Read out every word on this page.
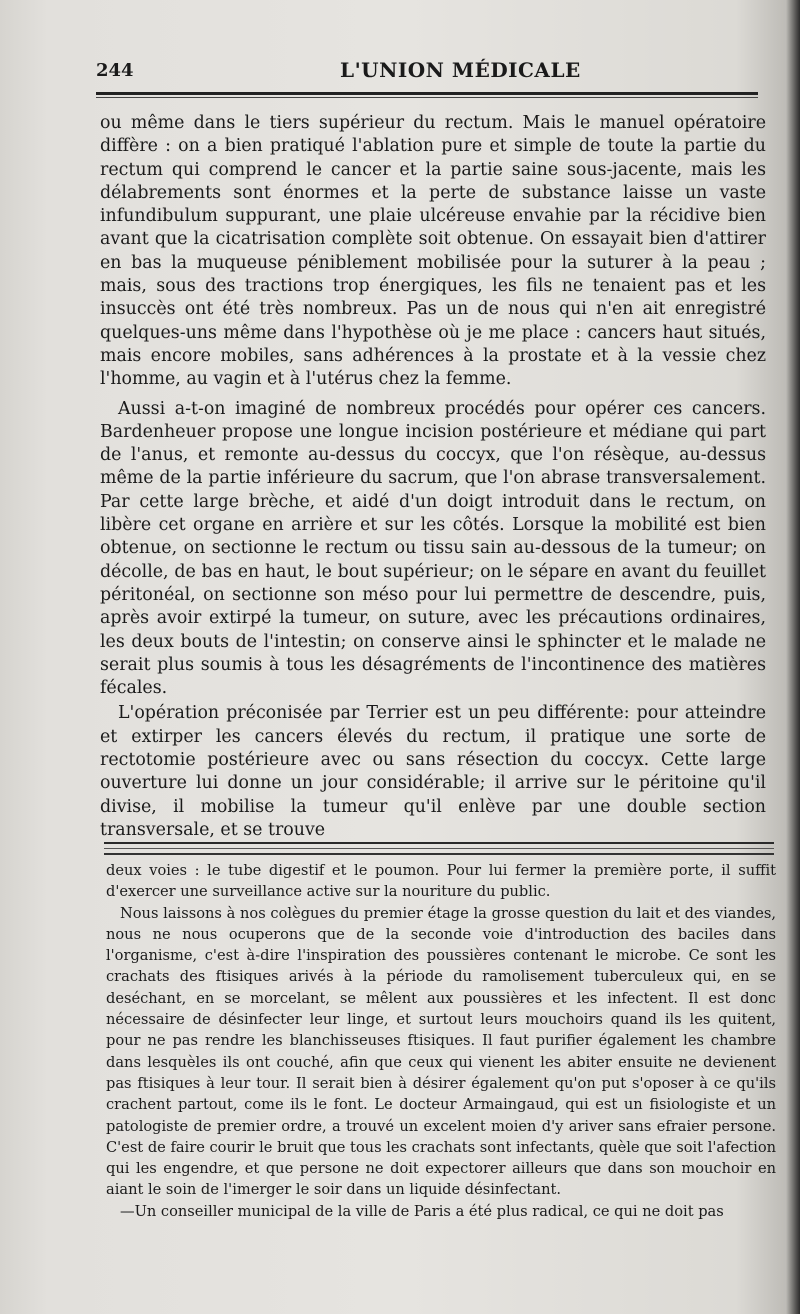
244	L'UNION MÉDICALE

ou même dans le tiers supérieur du rectum. Mais le manuel opératoire diffère : on a bien pratiqué l'ablation pure et simple de toute la partie du rectum qui comprend le cancer et la partie saine sous-jacente, mais les délabrements sont énormes et la perte de substance laisse un vaste infundibulum suppurant, une plaie ulcéreuse envahie par la récidive bien avant que la cicatrisation complète soit obtenue. On essayait bien d'attirer en bas la muqueuse péniblement mobilisée pour la suturer à la peau ; mais, sous des tractions trop énergiques, les fils ne tenaient pas et les insuccès ont été très nombreux. Pas un de nous qui n'en ait enregistré quelques-uns même dans l'hypothèse où je me place : cancers haut situés, mais encore mobiles, sans adhérences à la prostate et à la vessie chez l'homme, au vagin et à l'utérus chez la femme.

Aussi a-t-on imaginé de nombreux procédés pour opérer ces cancers. Bardenheuer propose une longue incision postérieure et médiane qui part de l'anus, et remonte au-dessus du coccyx, que l'on résèque, au-dessus même de la partie inférieure du sacrum, que l'on abrase transversalement. Par cette large brèche, et aidé d'un doigt introduit dans le rectum, on libère cet organe en arrière et sur les côtés. Lorsque la mobilité est bien obtenue, on sectionne le rectum ou tissu sain au-dessous de la tumeur; on décolle, de bas en haut, le bout supérieur; on le sépare en avant du feuillet péritonéal, on sectionne son méso pour lui permettre de descendre, puis, après avoir extirpé la tumeur, on suture, avec les précautions ordinaires, les deux bouts de l'intestin; on conserve ainsi le sphincter et le malade ne serait plus soumis à tous les désagréments de l'incontinence des matières fécales.

L'opération préconisée par Terrier est un peu différente: pour atteindre et extirper les cancers élevés du rectum, il pratique une sorte de rectotomie postérieure avec ou sans résection du coccyx. Cette large ouverture lui donne un jour considérable; il arrive sur le péritoine qu'il divise, il mobilise la tumeur qu'il enlève par une double section transversale, et se trouve

deux voies : le tube digestif et le poumon. Pour lui fermer la première porte, il suffit d'exercer une surveillance active sur la nouriture du public.

Nous laissons à nos colègues du premier étage la grosse question du lait et des viandes, nous ne nous ocuperons que de la seconde voie d'introduction des baciles dans l'organisme, c'est à-dire l'inspiration des poussières contenant le microbe. Ce sont les crachats des ftisiques arivés à la période du ramolisement tuberculeux qui, en se deséchant, en se morcelant, se mêlent aux poussières et les infectent. Il est donc nécessaire de désinfecter leur linge, et surtout leurs mouchoirs quand ils les quitent, pour ne pas rendre les blanchisseuses ftisiques. Il faut purifier également les chambre dans lesquèles ils ont couché, afin que ceux qui vienent les abiter ensuite ne devienent pas ftisiques à leur tour. Il serait bien à désirer également qu'on put s'oposer à ce qu'ils crachent partout, come ils le font. Le docteur Armaingaud, qui est un fisiologiste et un patologiste de premier ordre, a trouvé un excelent moien d'y ariver sans efraier persone. C'est de faire courir le bruit que tous les crachats sont infectants, quèle que soit l'afection qui les engendre, et que persone ne doit expectorer ailleurs que dans son mouchoir en aiant le soin de l'imerger le soir dans un liquide désinfectant.

—Un conseiller municipal de la ville de Paris a été plus radical, ce qui ne doit pas
